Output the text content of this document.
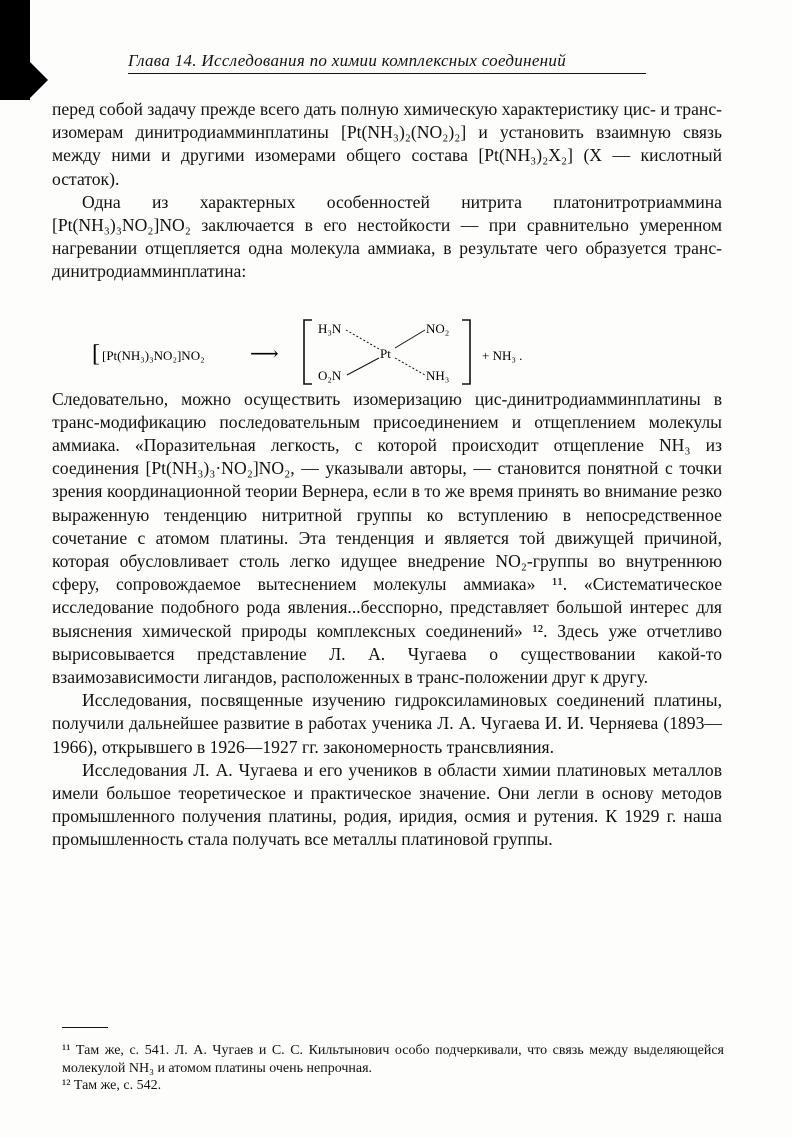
Глава 14. Исследования по химии комплексных соединений

перед собой задачу прежде всего дать полную химическую характеристику цис- и транс-изомерам динитродиамминплатины [Pt(NH₃)₂(NO₂)₂] и установить взаимную связь между ними и другими изомерами общего состава [Pt(NH₃)₂X₂] (X — кислотный остаток).

Одна из характерных особенностей нитрита платонитротриаммина [Pt(NH₃)₃NO₂]NO₂ заключается в его нестойкости — при сравнительно умеренном нагревании отщепляется одна молекула аммиака, в результате чего образуется транс-динитродиамминплатина:

Следовательно, можно осуществить изомеризацию цис-динитродиамминплатины в транс-модификацию последовательным присоединением и отщеплением молекулы аммиака. «Поразительная легкость, с которой происходит отщепление NH₃ из соединения [Pt(NH₃)₃·NO₂]NO₂, — указывали авторы, — становится понятной с точки зрения координационной теории Вернера, если в то же время принять во внимание резко выраженную тенденцию нитритной группы ко вступлению в непосредственное сочетание с атомом платины. Эта тенденция и является той движущей причиной, которая обусловливает столь легко идущее внедрение NO₂-группы во внутреннюю сферу, сопровождаемое вытеснением молекулы аммиака» ¹¹. «Систематическое исследование подобного рода явления...бесспорно, представляет большой интерес для выяснения химической природы комплексных соединений» ¹². Здесь уже отчетливо вырисовывается представление Л. А. Чугаева о существовании какой-то взаимозависимости лигандов, расположенных в транс-положении друг к другу.

Исследования, посвященные изучению гидроксиламиновых соединений платины, получили дальнейшее развитие в работах ученика Л. А. Чугаева И. И. Черняева (1893—1966), открывшего в 1926—1927 гг. закономерность трансвлияния.

Исследования Л. А. Чугаева и его учеников в области химии платиновых металлов имели большое теоретическое и практическое значение. Они легли в основу методов промышленного получения платины, родия, иридия, осмия и рутения. К 1929 г. наша промышленность стала получать все металлы платиновой группы.

[ [Pt(NH₃)₃NO₂]NO₂ ⟶
H₃N	NO₂
Pt
O₂N	NH₃
+ NH₃ .

¹¹ Там же, с. 541. Л. А. Чугаев и С. С. Кильтынович особо подчеркивали, что связь между выделяющейся молекулой NH₃ и атомом платины очень непрочная.

¹² Там же, с. 542.
